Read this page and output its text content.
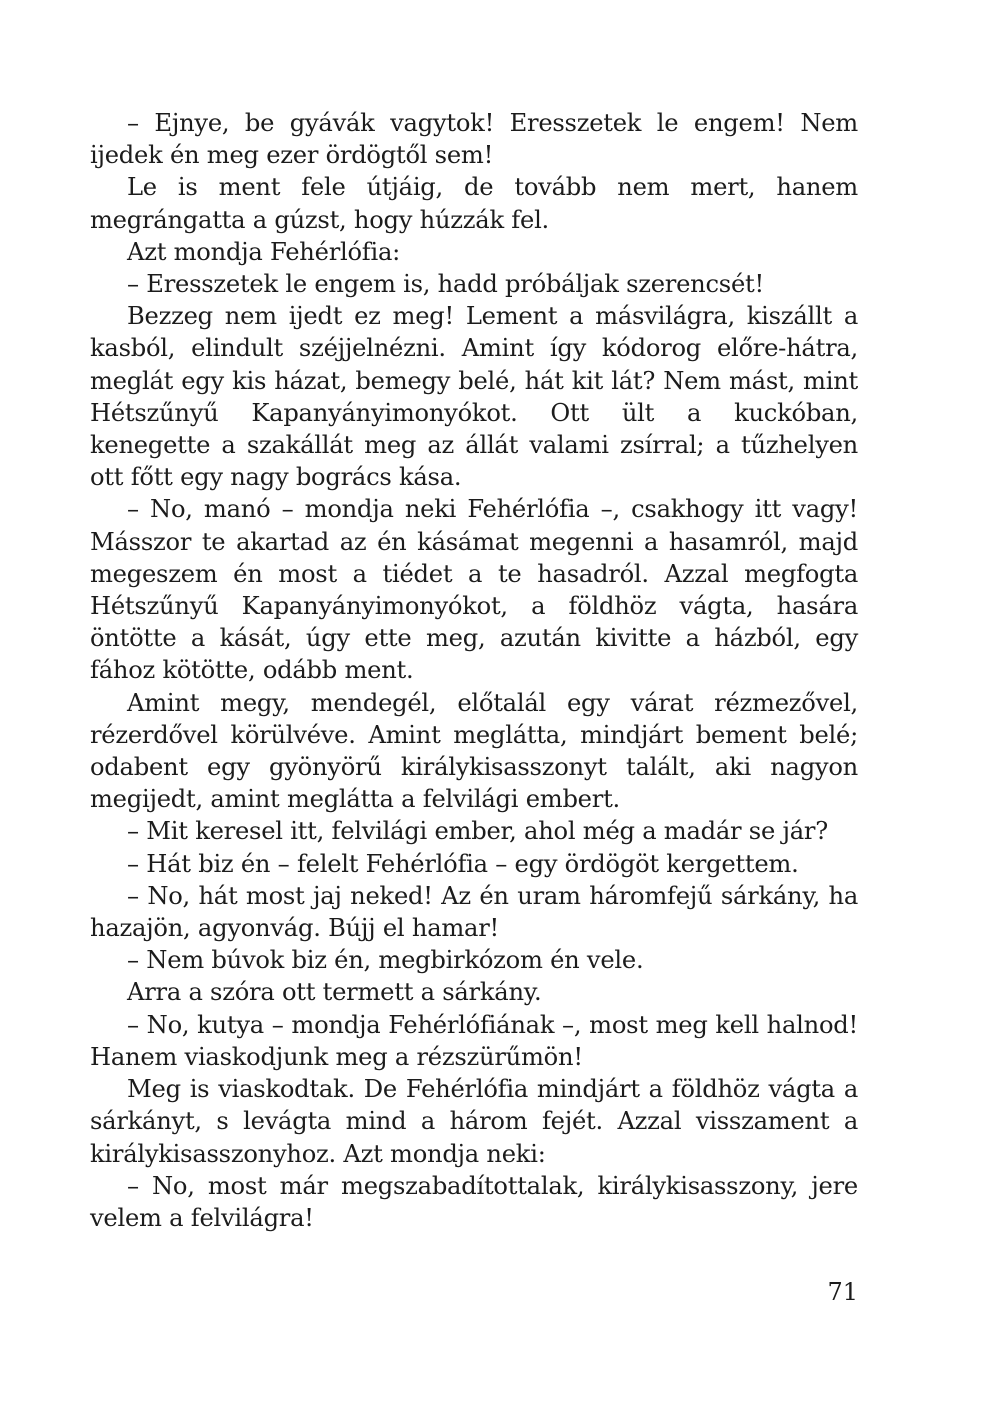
– Ejnye, be gyávák vagytok! Eresszetek le engem! Nem ijedek én meg ezer ördögtől sem!

Le is ment fele útjáig, de tovább nem mert, hanem megrángatta a gúzst, hogy húzzák fel.

Azt mondja Fehérlófia:

– Eresszetek le engem is, hadd próbáljak szerencsét!

Bezzeg nem ijedt ez meg! Lement a másvilágra, kiszállt a kasból, elindult széjjelnézni. Amint így kódorog előre-hátra, meglát egy kis házat, bemegy belé, hát kit lát? Nem mást, mint Hétszűnyű Kapanyányimonyókot. Ott ült a kuckóban, kenegette a szakállát meg az állát valami zsírral; a tűzhelyen ott főtt egy nagy bogrács kása.

– No, manó – mondja neki Fehérlófia –, csakhogy itt vagy! Másszor te akartad az én kásámat megenni a hasamról, majd megeszem én most a tiédet a te hasadról. Azzal megfogta Hétszűnyű Kapanyányimonyókot, a földhöz vágta, hasára öntötte a kását, úgy ette meg, azután kivitte a házból, egy fához kötötte, odább ment.

Amint megy, mendegél, előtalál egy várat rézmezővel, rézerdővel körülvéve. Amint meglátta, mindjárt bement belé; odabent egy gyönyörű királykisasszonyt talált, aki nagyon megijedt, amint meglátta a felvilági embert.

– Mit keresel itt, felvilági ember, ahol még a madár se jár?

– Hát biz én – felelt Fehérlófia – egy ördögöt kergettem.

– No, hát most jaj neked! Az én uram háromfejű sárkány, ha hazajön, agyonvág. Bújj el hamar!

– Nem búvok biz én, megbirkózom én vele.

Arra a szóra ott termett a sárkány.

– No, kutya – mondja Fehérlófiának –, most meg kell halnod! Hanem viaskodjunk meg a rézszürűmön!

Meg is viaskodtak. De Fehérlófia mindjárt a földhöz vágta a sárkányt, s levágta mind a három fejét. Azzal visszament a királykisasszonyhoz. Azt mondja neki:

– No, most már megszabadítottalak, királykisasszony, jere velem a felvilágra!

71
